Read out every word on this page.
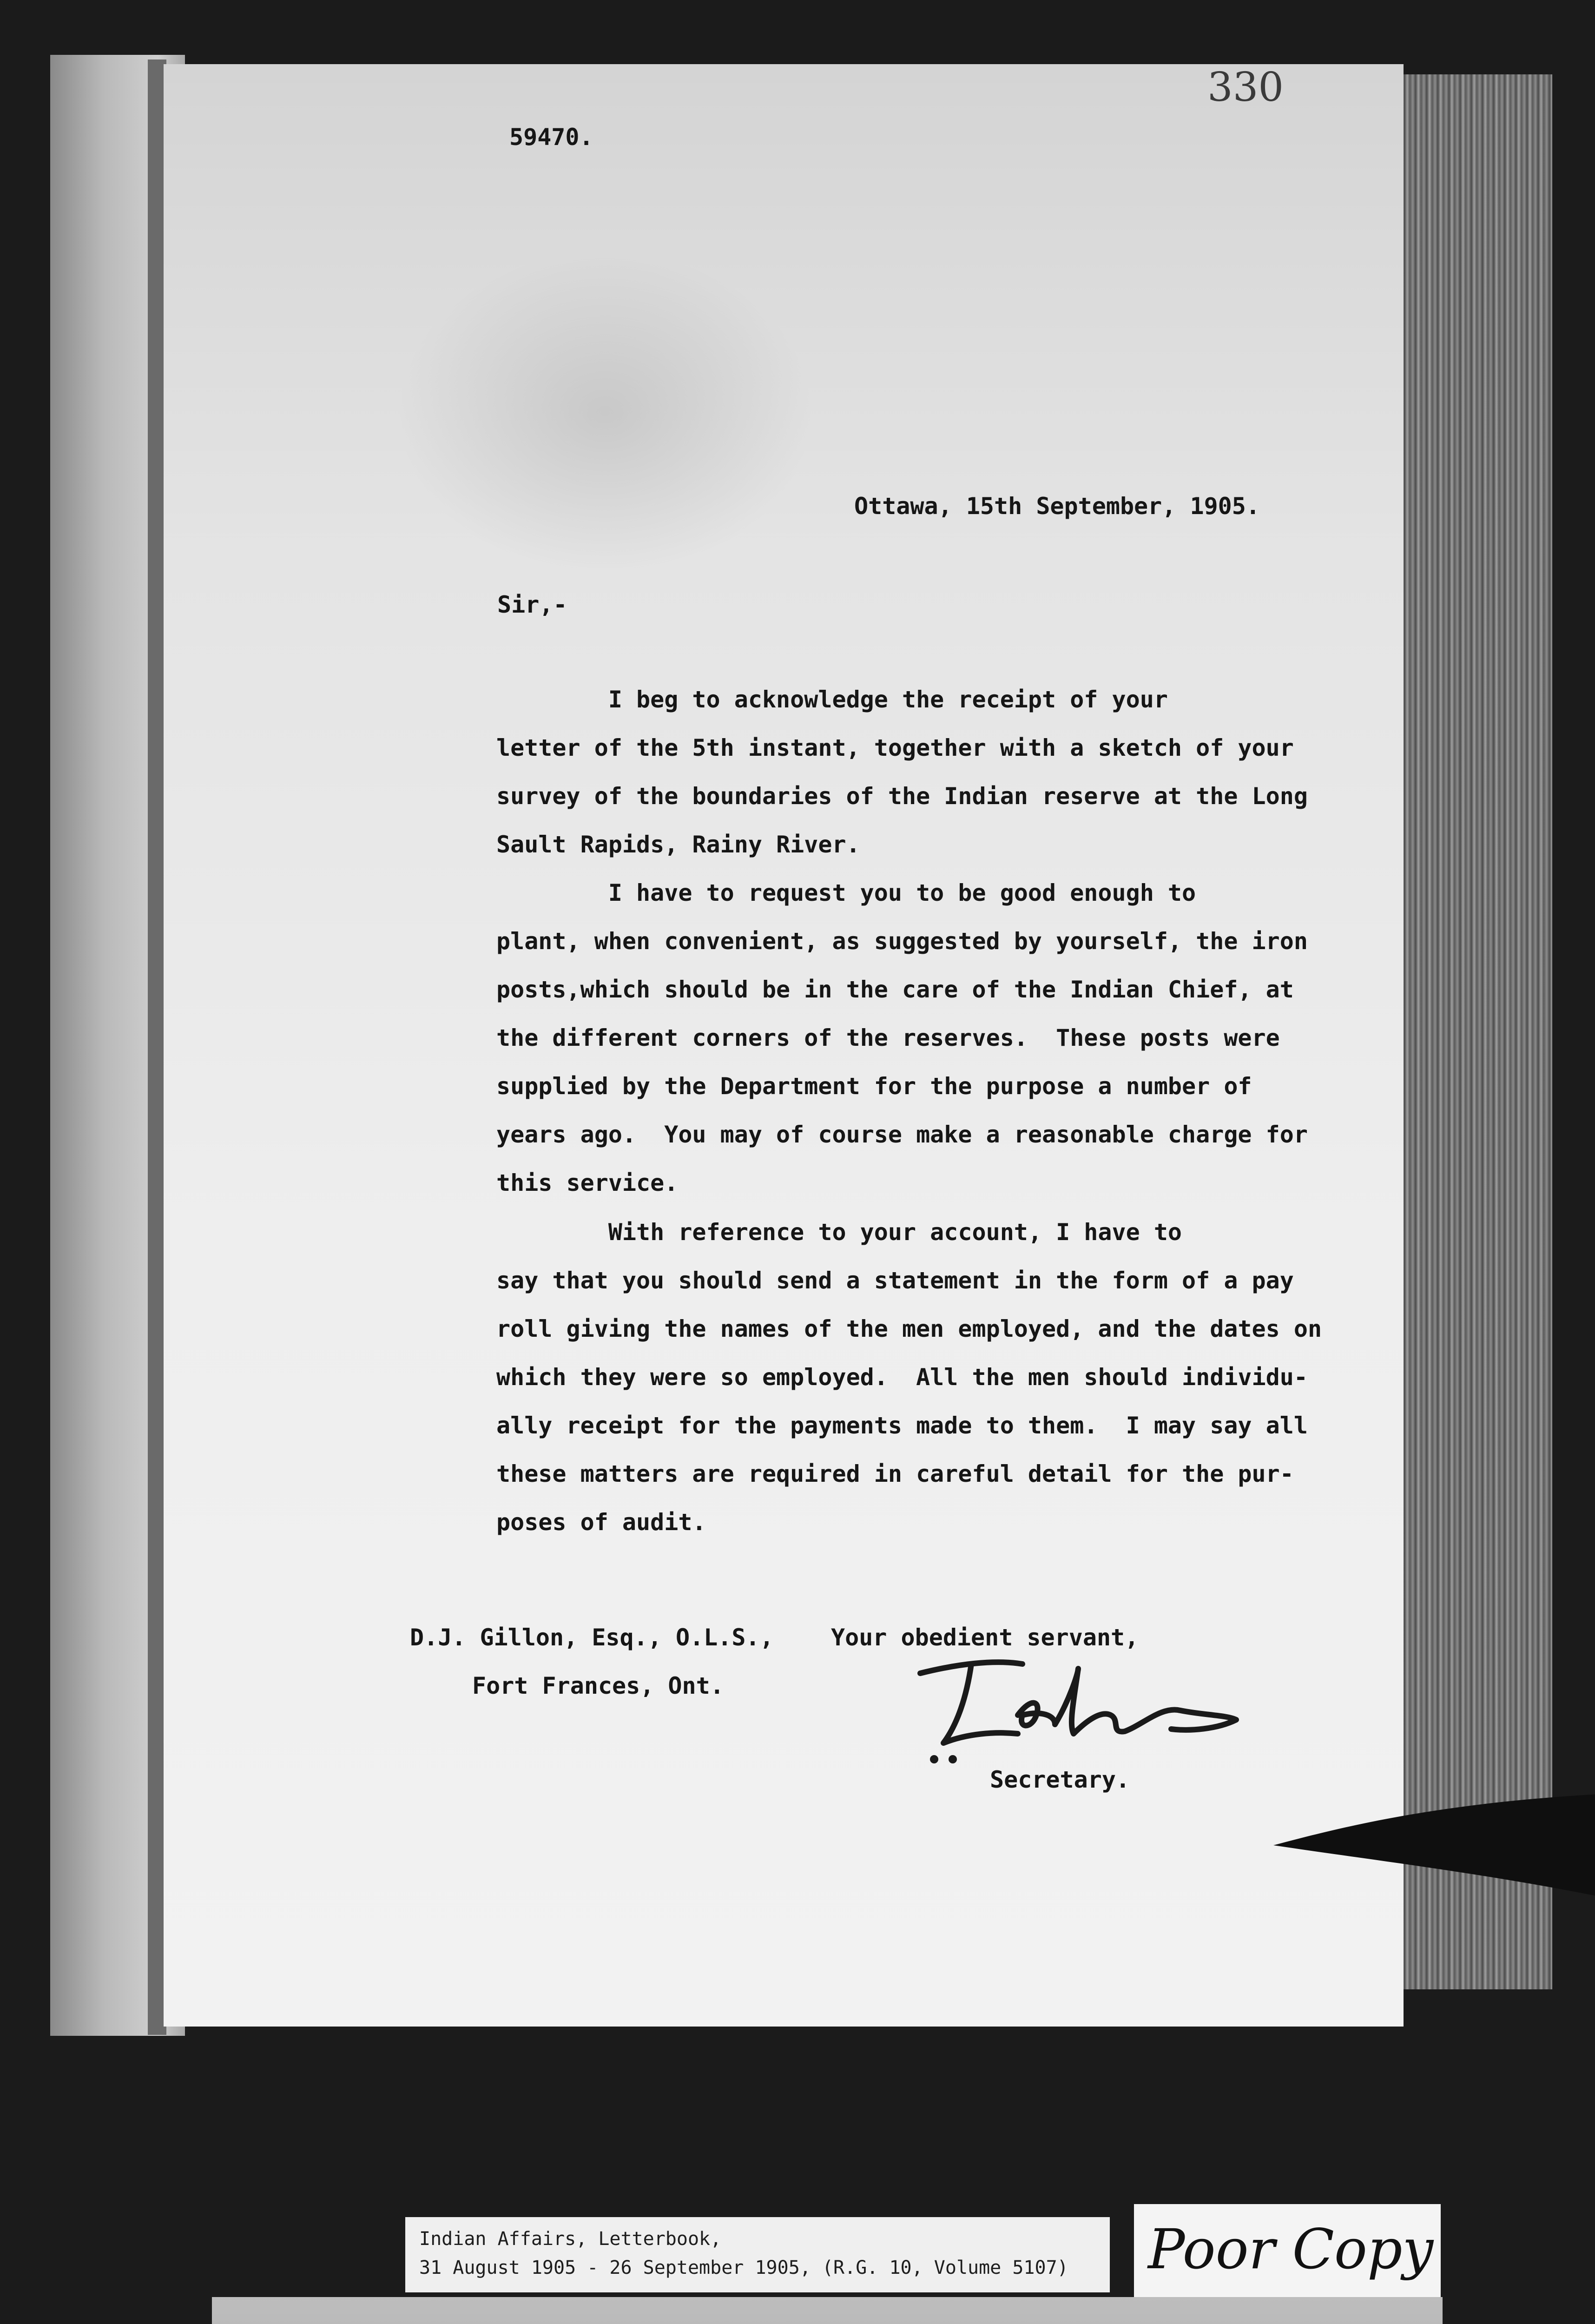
330
59470.
Ottawa, 15th September, 1905.
Sir,-
I beg to acknowledge the receipt of your
letter of the 5th instant, together with a sketch of your
survey of the boundaries of the Indian reserve at the Long
Sault Rapids, Rainy River.
I have to request you to be good enough to
plant, when convenient, as suggested by yourself, the iron
posts,which should be in the care of the Indian Chief, at
the different corners of the reserves.  These posts were
supplied by the Department for the purpose a number of
years ago.  You may of course make a reasonable charge for
this service.
With reference to your account, I have to
say that you should send a statement in the form of a pay
roll giving the names of the men employed, and the dates on
which they were so employed.  All the men should individu-
ally receipt for the payments made to them.  I may say all
these matters are required in careful detail for the pur-
poses of audit.
D.J. Gillon, Esq., O.L.S.,
Fort Frances, Ont.
Your obedient servant,
Secretary.
Indian Affairs, Letterbook,
31 August 1905 - 26 September 1905, (R.G. 10, Volume 5107) Poor Copy
